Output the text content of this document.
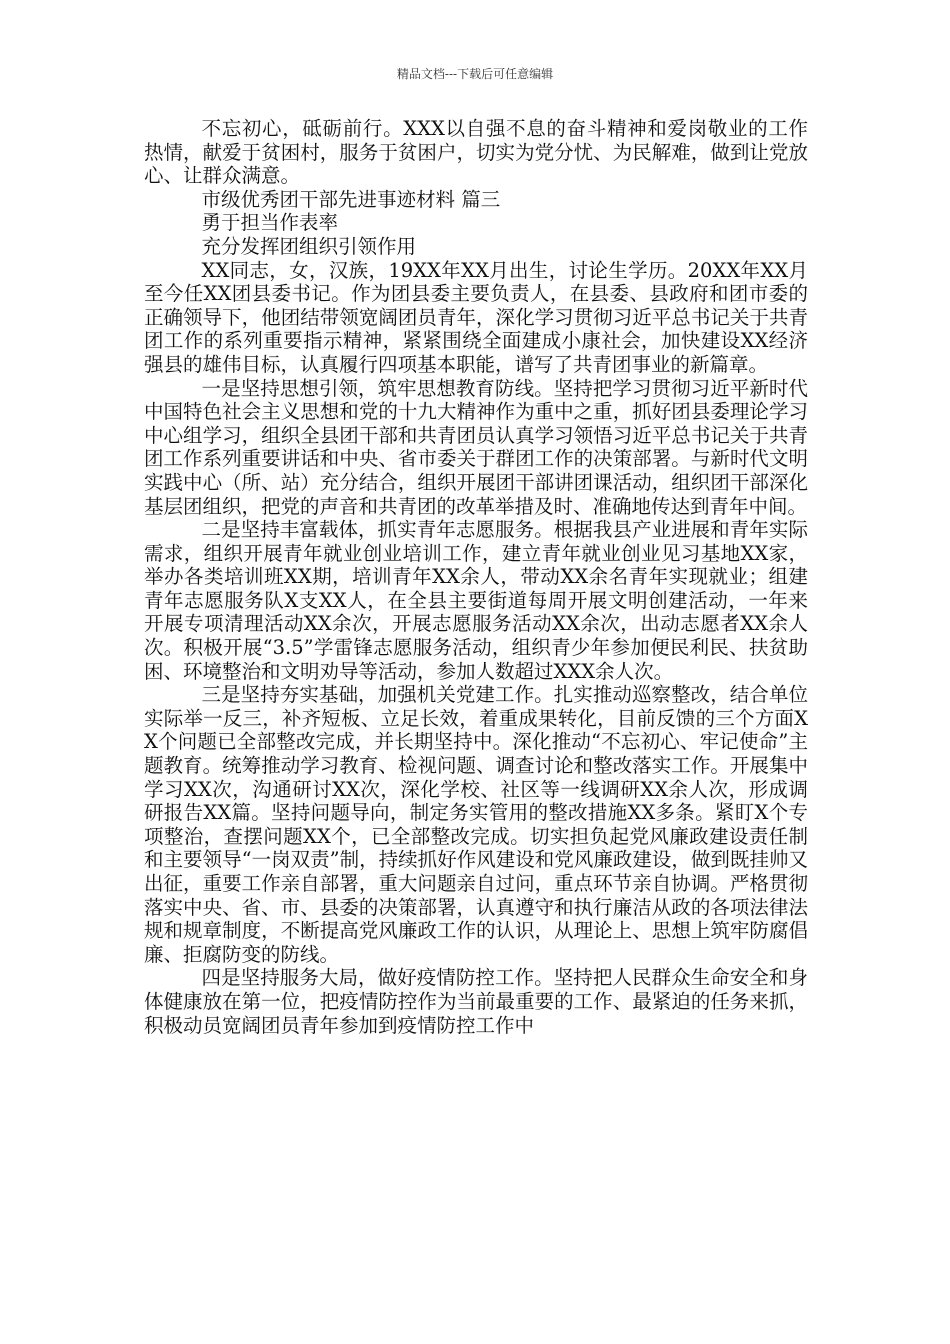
精品文档---下载后可任意编辑

不忘初心，砥砺前行。XXX以自强不息的奋斗精神和爱岗敬业的工作热情，献爱于贫困村，服务于贫困户，切实为党分忧、为民解难，做到让党放心、让群众满意。

市级优秀团干部先进事迹材料 篇三

勇于担当作表率

充分发挥团组织引领作用

XX同志，女，汉族，19XX年XX月出生，讨论生学历。20XX年XX月至今任XX团县委书记。作为团县委主要负责人，在县委、县政府和团市委的正确领导下，他团结带领宽阔团员青年，深化学习贯彻习近平总书记关于共青团工作的系列重要指示精神，紧紧围绕全面建成小康社会，加快建设XX经济强县的雄伟目标，认真履行四项基本职能，谱写了共青团事业的新篇章。

一是坚持思想引领，筑牢思想教育防线。坚持把学习贯彻习近平新时代中国特色社会主义思想和党的十九大精神作为重中之重，抓好团县委理论学习中心组学习，组织全县团干部和共青团员认真学习领悟习近平总书记关于共青团工作系列重要讲话和中央、省市委关于群团工作的决策部署。与新时代文明实践中心（所、站）充分结合，组织开展团干部讲团课活动，组织团干部深化基层团组织，把党的声音和共青团的改革举措及时、准确地传达到青年中间。

二是坚持丰富载体，抓实青年志愿服务。根据我县产业进展和青年实际需求，组织开展青年就业创业培训工作，建立青年就业创业见习基地XX家，举办各类培训班XX期，培训青年XX余人，带动XX余名青年实现就业；组建青年志愿服务队X支XX人，在全县主要街道每周开展文明创建活动，一年来开展专项清理活动XX余次，开展志愿服务活动XX余次，出动志愿者XX余人次。积极开展“3.5”学雷锋志愿服务活动，组织青少年参加便民利民、扶贫助困、环境整治和文明劝导等活动，参加人数超过XXX余人次。

三是坚持夯实基础，加强机关党建工作。扎实推动巡察整改，结合单位实际举一反三，补齐短板、立足长效，着重成果转化，目前反馈的三个方面XX个问题已全部整改完成，并长期坚持中。深化推动“不忘初心、牢记使命”主题教育。统筹推动学习教育、检视问题、调查讨论和整改落实工作。开展集中学习XX次，沟通研讨XX次，深化学校、社区等一线调研XX余人次，形成调研报告XX篇。坚持问题导向，制定务实管用的整改措施XX多条。紧盯X个专项整治，查摆问题XX个，已全部整改完成。切实担负起党风廉政建设责任制和主要领导“一岗双责”制，持续抓好作风建设和党风廉政建设，做到既挂帅又出征，重要工作亲自部署，重大问题亲自过问，重点环节亲自协调。严格贯彻落实中央、省、市、县委的决策部署，认真遵守和执行廉洁从政的各项法律法规和规章制度，不断提高党风廉政工作的认识，从理论上、思想上筑牢防腐倡廉、拒腐防变的防线。

四是坚持服务大局，做好疫情防控工作。坚持把人民群众生命安全和身体健康放在第一位，把疫情防控作为当前最重要的工作、最紧迫的任务来抓，积极动员宽阔团员青年参加到疫情防控工作中
